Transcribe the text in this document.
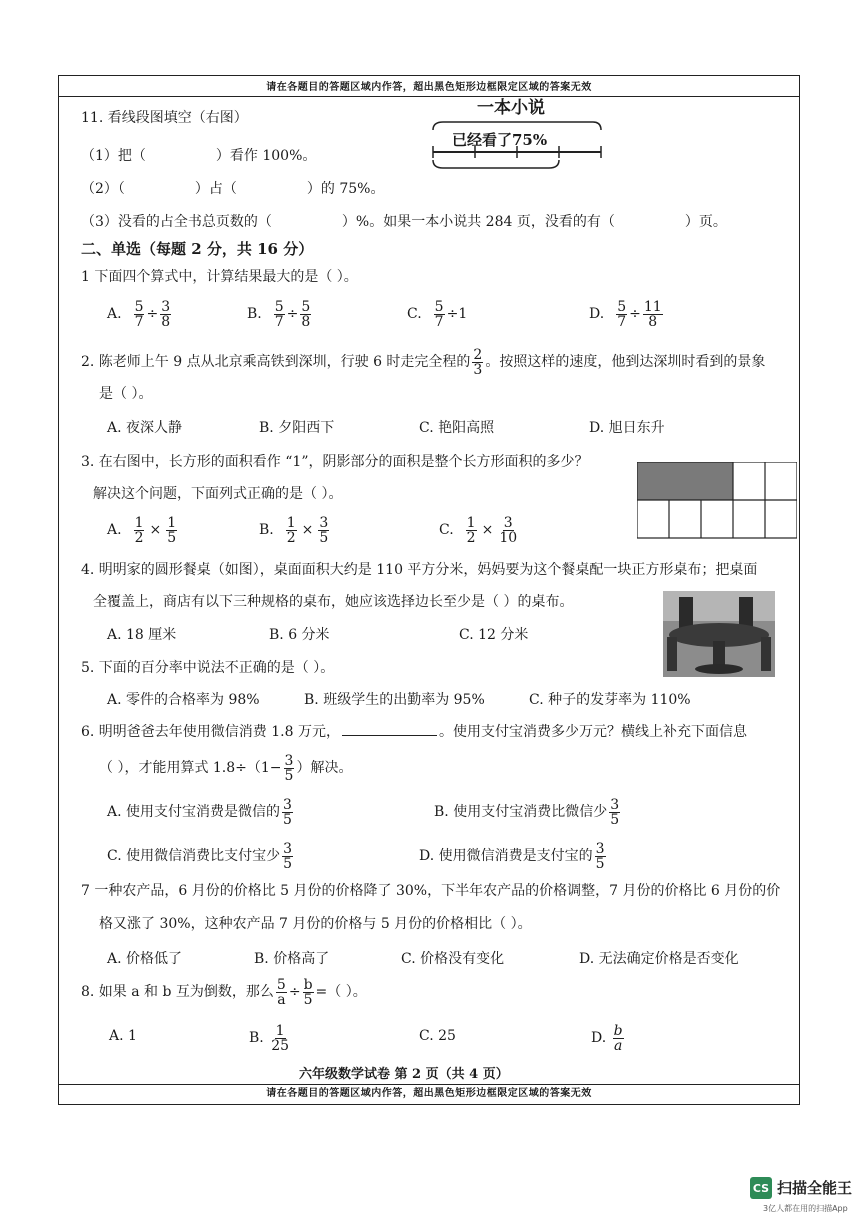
请在各题目的答题区域内作答，超出黑色矩形边框限定区域的答案无效
11. 看线段图填空（右图）
（1）把（	）看作 100%。
（2）（	）占（	）的 75%。
（3）没看的占全书总页数的（	）%。如果一本小说共 284 页，没看的有（	）页。
一本小说
已经看了75%
二、单选（每题 2 分，共 16 分）
1 下面四个算式中，计算结果最大的是（ ）。
A. $\frac{5}{7} \div \frac{3}{8}$	B. $\frac{5}{7} \div \frac{5}{8}$	C. $\frac{5}{7} \div 1$	D. $\frac{5}{7} \div \frac{11}{8}$
2. 陈老师上午 9 点从北京乘高铁到深圳，行驶 6 时走完全程的 $\frac{2}{3}$ 。按照这样的速度，他到达深圳时看到的景象
是（ ）。
A. 夜深人静	B. 夕阳西下	C. 艳阳高照	D. 旭日东升
3. 在右图中，长方形的面积看作 “1”，阴影部分的面积是整个长方形面积的多少？
解决这个问题，下面列式正确的是（ ）。
A. $\frac{1}{2} \times \frac{1}{5}$	B. $\frac{1}{2} \times \frac{3}{5}$	C. $\frac{1}{2} \times \frac{3}{10}$
4. 明明家的圆形餐桌（如图），桌面面积大约是 110 平方分米，妈妈要为这个餐桌配一块正方形桌布；把桌面
全覆盖上，商店有以下三种规格的桌布，她应该选择边长至少是（ ）的桌布。
A. 18 厘米	B. 6 分米	C. 12 分米
5. 下面的百分率中说法不正确的是（ ）。
A. 零件的合格率为 98%	B. 班级学生的出勤率为 95%	C. 种子的发芽率为 110%
6. 明明爸爸去年使用微信消费 1.8 万元，	。使用支付宝消费多少万元？横线上补充下面信息
（ ），才能用算式 $1.8\div(1- \frac{3}{5}$ ）解决。
A. 使用支付宝消费是微信的 $\frac{3}{5}$	B. 使用支付宝消费比微信少 $\frac{3}{5}$
C. 使用微信消费比支付宝少 $\frac{3}{5}$	D. 使用微信消费是支付宝的 $\frac{3}{5}$
7 一种农产品，6 月份的价格比 5 月份的价格降了 30%，下半年农产品的价格调整，7 月份的价格比 6 月份的价
格又涨了 30%，这种农产品 7 月份的价格与 5 月份的价格相比（ ）。
A. 价格低了	B. 价格高了	C. 价格没有变化	D. 无法确定价格是否变化
8. 如果 a 和 b 互为倒数，那么 $\frac{5}{a} \div \frac{b}{5}$ =（ ）。
A. 1	B. $\frac{1}{25}$	C. 25	D. $\frac{b}{a}$
六年级数学试卷 第 2 页（共 4 页）
请在各题目的答题区域内作答，超出黑色矩形边框限定区域的答案无效
CS 扫描全能王
3亿人都在用的扫描App
